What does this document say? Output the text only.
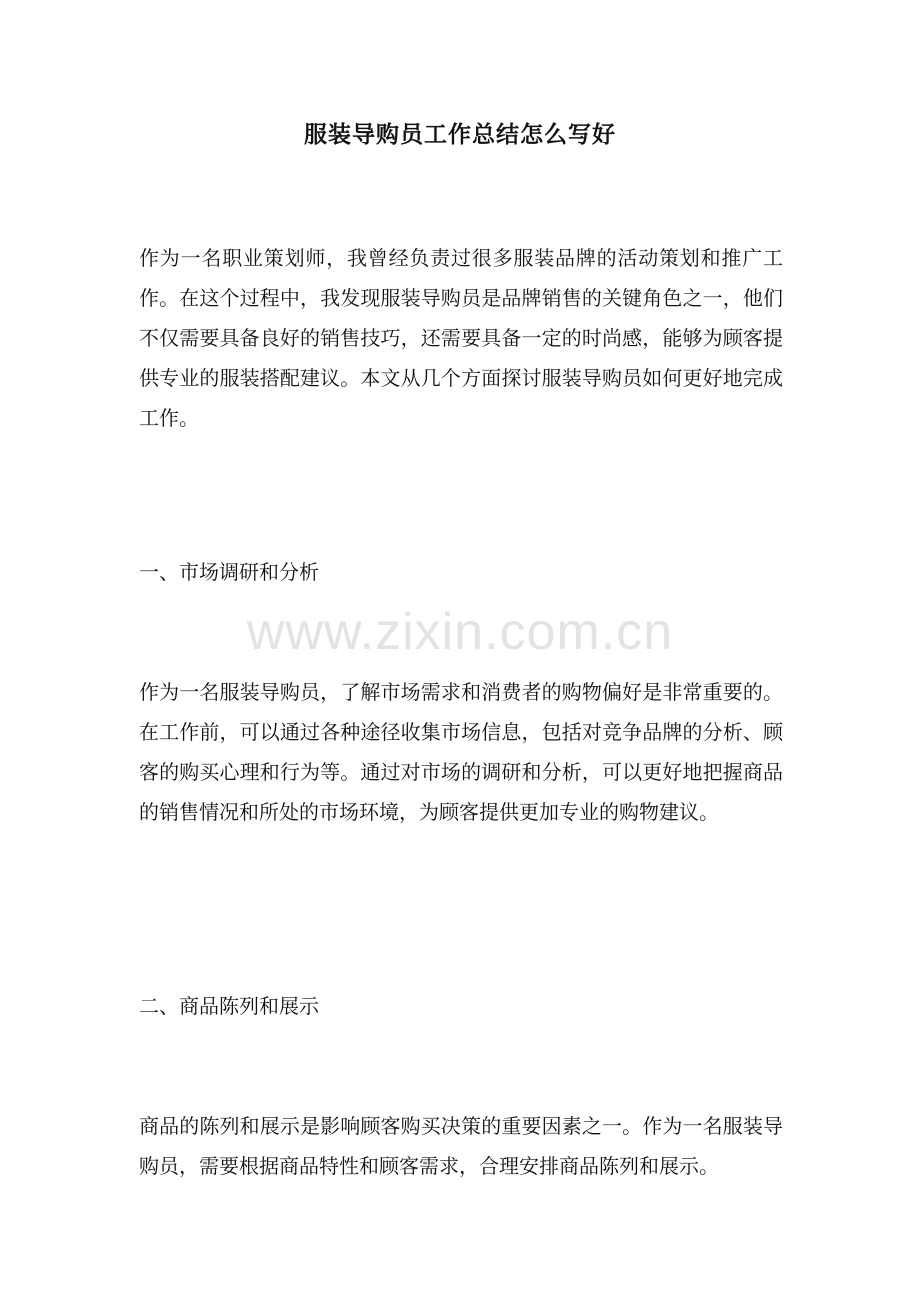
服装导购员工作总结怎么写好

作为一名职业策划师，我曾经负责过很多服装品牌的活动策划和推广工作。在这个过程中，我发现服装导购员是品牌销售的关键角色之一，他们不仅需要具备良好的销售技巧，还需要具备一定的时尚感，能够为顾客提供专业的服装搭配建议。本文从几个方面探讨服装导购员如何更好地完成工作。

一、市场调研和分析

www.zixin.com.cn

作为一名服装导购员，了解市场需求和消费者的购物偏好是非常重要的。在工作前，可以通过各种途径收集市场信息，包括对竞争品牌的分析、顾客的购买心理和行为等。通过对市场的调研和分析，可以更好地把握商品的销售情况和所处的市场环境，为顾客提供更加专业的购物建议。

二、商品陈列和展示

商品的陈列和展示是影响顾客购买决策的重要因素之一。作为一名服装导购员，需要根据商品特性和顾客需求，合理安排商品陈列和展示。
